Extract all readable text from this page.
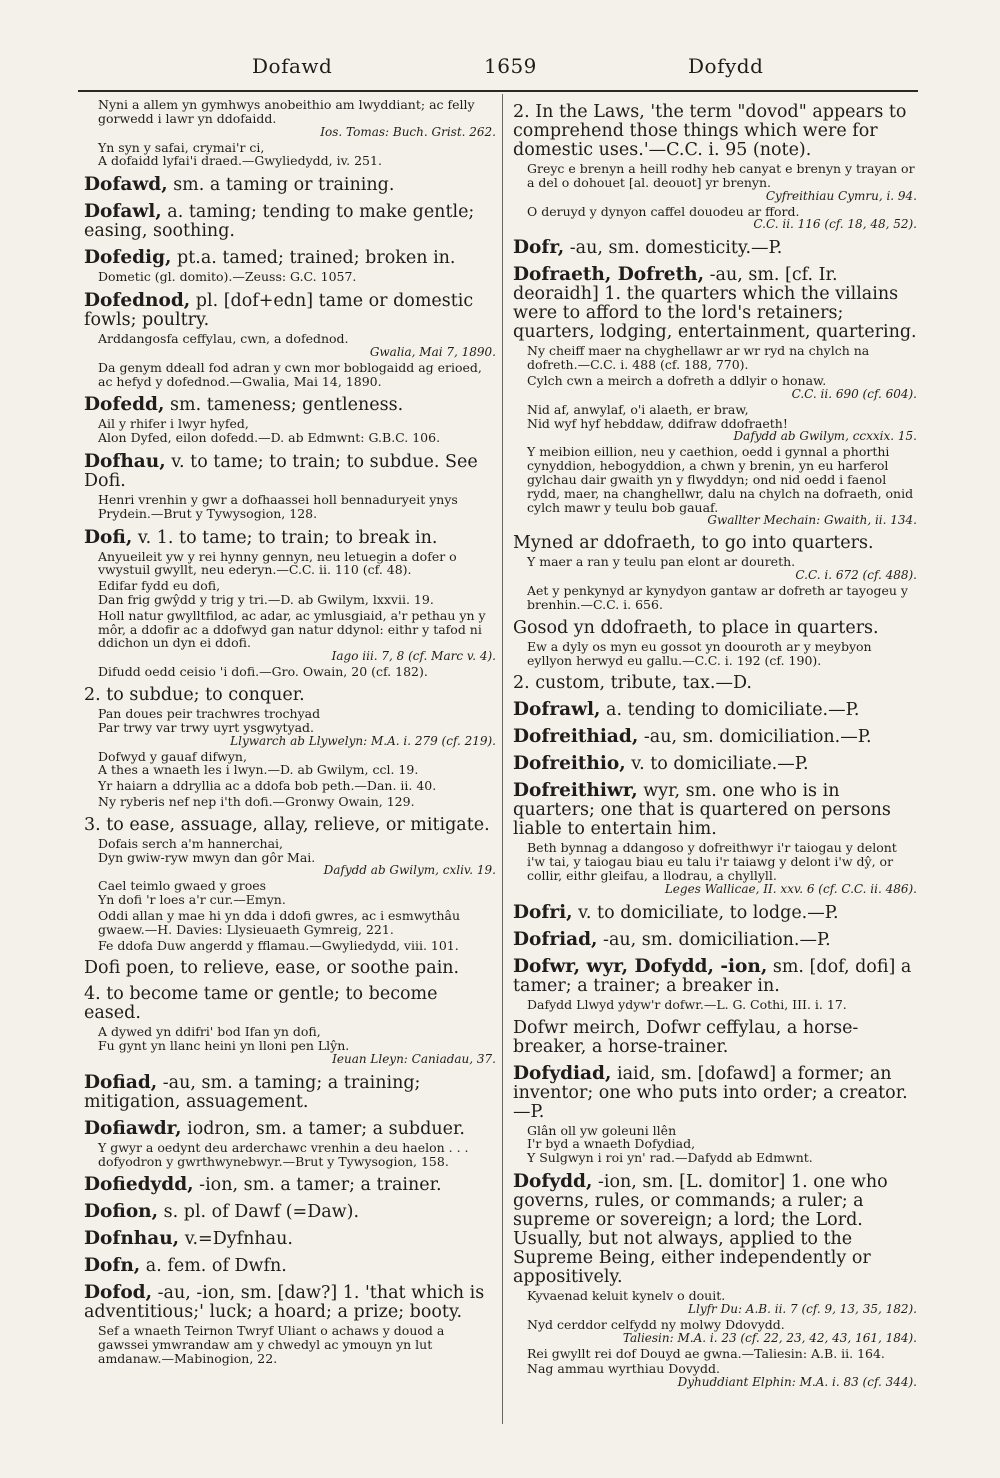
Dofawd	1659	Dofydd
Nyni a allem yn gymhwys anobeithio am lwyddiant; ac felly gorwedd i lawr yn ddofaidd.
Ios. Tomas: Buch. Grist. 262.
Yn syn y safai, crymai'r ci,
A dofaidd lyfai'i draed.—Gwyliedydd, iv. 251.
Dofawd, sm. a taming or training.
Dofawl, a. taming; tending to make gentle; easing, soothing.
Dofedig, pt.a. tamed; trained; broken in.
Dometic (gl. domito).—Zeuss: G.C. 1057.
Dofednod, pl. [dof+edn] tame or domestic fowls; poultry.
Arddangosfa ceffylau, cwn, a dofednod.
Gwalia, Mai 7, 1890.
Da genym ddeall fod adran y cwn mor boblogaidd ag erioed, ac hefyd y dofednod.—Gwalia, Mai 14, 1890.
Dofedd, sm. tameness; gentleness.
Ail y rhifer i lwyr hyfed,
Alon Dyfed, eilon dofedd.—D. ab Edmwnt: G.B.C. 106.
Dofhau, v. to tame; to train; to subdue. See Dofi.
Henri vrenhin y gwr a dofhaassei holl bennaduryeit ynys Prydein.—Brut y Tywysogion, 128.
Dofi, v. 1. to tame; to train; to break in.
Anyueileit yw y rei hynny gennyn, neu letuegin a dofer o vwystuil gwyllt, neu ederyn.—C.C. ii. 110 (cf. 48).
Edifar fydd eu dofi,
Dan frig gwŷdd y trig y tri.—D. ab Gwilym, lxxvii. 19.
Holl natur gwylltfilod, ac adar, ac ymlusgiaid, a'r pethau yn y môr, a ddofir ac a ddofwyd gan natur ddynol: eithr y tafod ni ddichon un dyn ei ddofi.
Iago iii. 7, 8 (cf. Marc v. 4).
Difudd oedd ceisio 'i dofi.—Gro. Owain, 20 (cf. 182).
2. to subdue; to conquer.
Pan doues peir trachwres trochyad
Par trwy var trwy uyrt ysgwytyad.
Llywarch ab Llywelyn: M.A. i. 279 (cf. 219).
Dofwyd y gauaf difwyn,
A thes a wnaeth les i lwyn.—D. ab Gwilym, ccl. 19.
Yr haiarn a ddryllia ac a ddofa bob peth.—Dan. ii. 40.
Ny ryberis nef nep i'th dofi.—Gronwy Owain, 129.
3. to ease, assuage, allay, relieve, or mitigate.
Dofais serch a'm hannerchai,
Dyn gwiw-ryw mwyn dan gôr Mai.
Dafydd ab Gwilym, cxliv. 19.
Cael teimlo gwaed y groes
Yn dofi 'r loes a'r cur.—Emyn.
Oddi allan y mae hi yn dda i ddofi gwres, ac i esmwythâu gwaew.—H. Davies: Llysieuaeth Gymreig, 221.
Fe ddofa Duw angerdd y fflamau.—Gwyliedydd, viii. 101.
Dofi poen, to relieve, ease, or soothe pain.
4. to become tame or gentle; to become eased.
A dywed yn ddifri' bod Ifan yn dofi,
Fu gynt yn llanc heini yn lloni pen Llŷn.
Ieuan Lleyn: Caniadau, 37.
Dofiad, -au, sm. a taming; a training; mitigation, assuagement.
Dofiawdr, iodron, sm. a tamer; a subduer.
Y gwyr a oedynt deu arderchawc vrenhin a deu haelon . . . dofyodron y gwrthwynebwyr.—Brut y Tywysogion, 158.
Dofiedydd, -ion, sm. a tamer; a trainer.
Dofion, s. pl. of Dawf (=Daw).
Dofnhau, v.=Dyfnhau.
Dofn, a. fem. of Dwfn.
Dofod, -au, -ion, sm. [daw?] 1. 'that which is adventitious;' luck; a hoard; a prize; booty.
Sef a wnaeth Teirnon Twryf Uliant o achaws y douod a gawssei ymwrandaw am y chwedyl ac ymouyn yn lut amdanaw.—Mabinogion, 22.
2. In the Laws, 'the term "dovod" appears to comprehend those things which were for domestic uses.'—C.C. i. 95 (note).
Greyc e brenyn a heill rodhy heb canyat e brenyn y trayan or a del o dohouet [al. deouot] yr brenyn.
Cyfreithiau Cymru, i. 94.
O deruyd y dynyon caffel douodeu ar fford.
C.C. ii. 116 (cf. 18, 48, 52).
Dofr, -au, sm. domesticity.—P.
Dofraeth, Dofreth, -au, sm. [cf. Ir. deoraidh] 1. the quarters which the villains were to afford to the lord's retainers; quarters, lodging, entertainment, quartering.
Ny cheiff maer na chyghellawr ar wr ryd na chylch na dofreth.—C.C. i. 488 (cf. 188, 770).
Cylch cwn a meirch a dofreth a ddlyir o honaw.
C.C. ii. 690 (cf. 604).
Nid af, anwylaf, o'i alaeth, er braw,
Nid wyf hyf hebddaw, ddifraw ddofraeth!
Dafydd ab Gwilym, ccxxix. 15.
Y meibion eillion, neu y caethion, oedd i gynnal a phorthi cynyddion, hebogyddion, a chwn y brenin, yn eu harferol gylchau dair gwaith yn y flwyddyn; ond nid oedd i faenol rydd, maer, na changhellwr, dalu na chylch na dofraeth, onid cylch mawr y teulu bob gauaf.
Gwallter Mechain: Gwaith, ii. 134.
Myned ar ddofraeth, to go into quarters.
Y maer a ran y teulu pan elont ar doureth.
C.C. i. 672 (cf. 488).
Aet y penkynyd ar kynydyon gantaw ar dofreth ar tayogeu y brenhin.—C.C. i. 656.
Gosod yn ddofraeth, to place in quarters.
Ew a dyly os myn eu gossot yn doouroth ar y meybyon eyllyon herwyd eu gallu.—C.C. i. 192 (cf. 190).
2. custom, tribute, tax.—D.
Dofrawl, a. tending to domiciliate.—P.
Dofreithiad, -au, sm. domiciliation.—P.
Dofreithio, v. to domiciliate.—P.
Dofreithiwr, wyr, sm. one who is in quarters; one that is quartered on persons liable to entertain him.
Beth bynnag a ddangoso y dofreithwyr i'r taiogau y delont i'w tai, y taiogau biau eu talu i'r taiawg y delont i'w dŷ, or collir, eithr gleifau, a llodrau, a chyllyll.
Leges Wallicae, II. xxv. 6 (cf. C.C. ii. 486).
Dofri, v. to domiciliate, to lodge.—P.
Dofriad, -au, sm. domiciliation.—P.
Dofwr, wyr, Dofydd, -ion, sm. [dof, dofi] a tamer; a trainer; a breaker in.
Dafydd Llwyd ydyw'r dofwr.—L. G. Cothi, III. i. 17.
Dofwr meirch, Dofwr ceffylau, a horse-breaker, a horse-trainer.
Dofydiad, iaid, sm. [dofawd] a former; an inventor; one who puts into order; a creator.—P.
Glân oll yw goleuni llên
I'r byd a wnaeth Dofydiad,
Y Sulgwyn i roi yn' rad.—Dafydd ab Edmwnt.
Dofydd, -ion, sm. [L. domitor] 1. one who governs, rules, or commands; a ruler; a supreme or sovereign; a lord; the Lord. Usually, but not always, applied to the Supreme Being, either independently or appositively.
Kyvaenad keluit kynelv o douit.
Llyfr Du: A.B. ii. 7 (cf. 9, 13, 35, 182).
Nyd cerddor celfydd ny molwy Ddovydd.
Taliesin: M.A. i. 23 (cf. 22, 23, 42, 43, 161, 184).
Rei gwyllt rei dof Douyd ae gwna.—Taliesin: A.B. ii. 164.
Nag ammau wyrthiau Dovydd.
Dyhuddiant Elphin: M.A. i. 83 (cf. 344).
